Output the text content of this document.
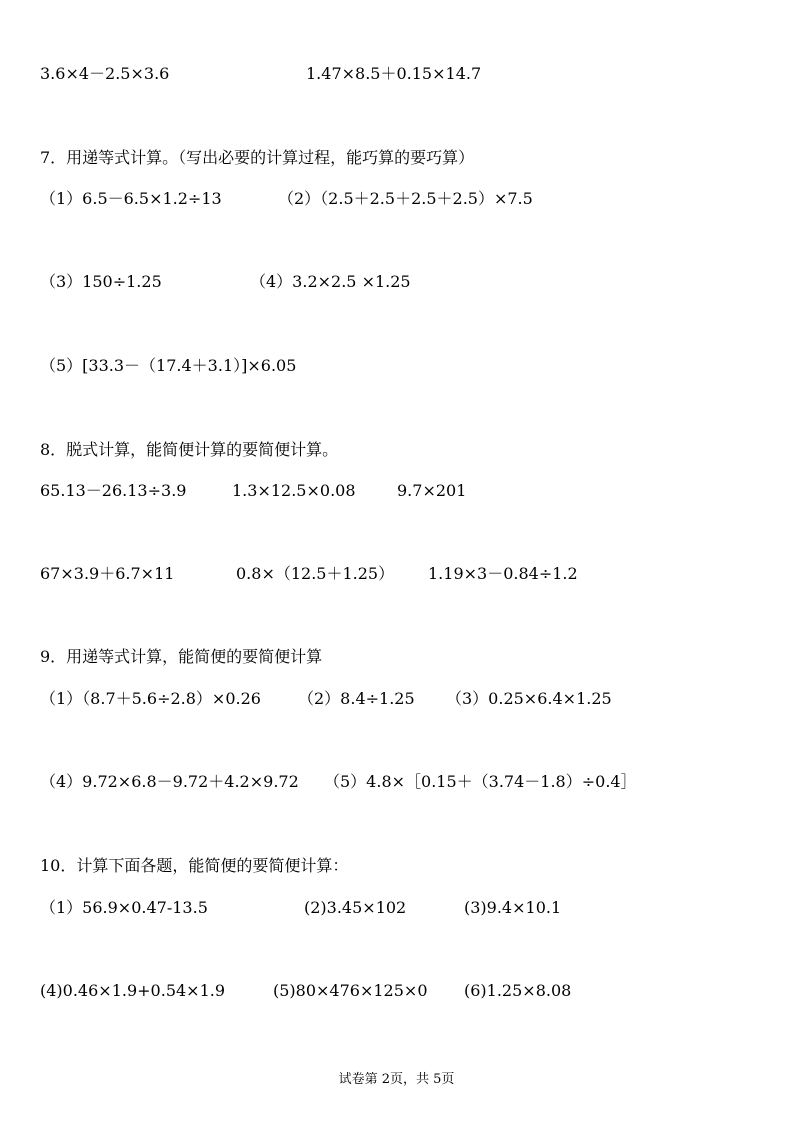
3.6×4－2.5×3.6	1.47×8.5＋0.15×14.7
7．用递等式计算。（写出必要的计算过程，能巧算的要巧算）
（1）6.5－6.5×1.2÷13	（2）（2.5＋2.5＋2.5＋2.5）×7.5
（3）150÷1.25	（4）3.2×2.5 ×1.25
（5）[33.3－（17.4＋3.1）]×6.05
8．脱式计算，能简便计算的要简便计算。
65.13－26.13÷3.9	1.3×12.5×0.08	9.7×201
67×3.9＋6.7×11	0.8×（12.5＋1.25） 1.19×3－0.84÷1.2
9．用递等式计算，能简便的要简便计算
（1）（8.7＋5.6÷2.8）×0.26 （2）8.4÷1.25 （3）0.25×6.4×1.25
（4）9.72×6.8－9.72＋4.2×9.72 （5）4.8×［0.15＋（3.74－1.8）÷0.4］
10．计算下面各题，能简便的要简便计算：
（1）56.9×0.47-13.5	(2)3.45×102	(3)9.4×10.1
(4)0.46×1.9+0.54×1.9	(5)80×476×125×0 (6)1.25×8.08
试卷第 2页，共 5页
